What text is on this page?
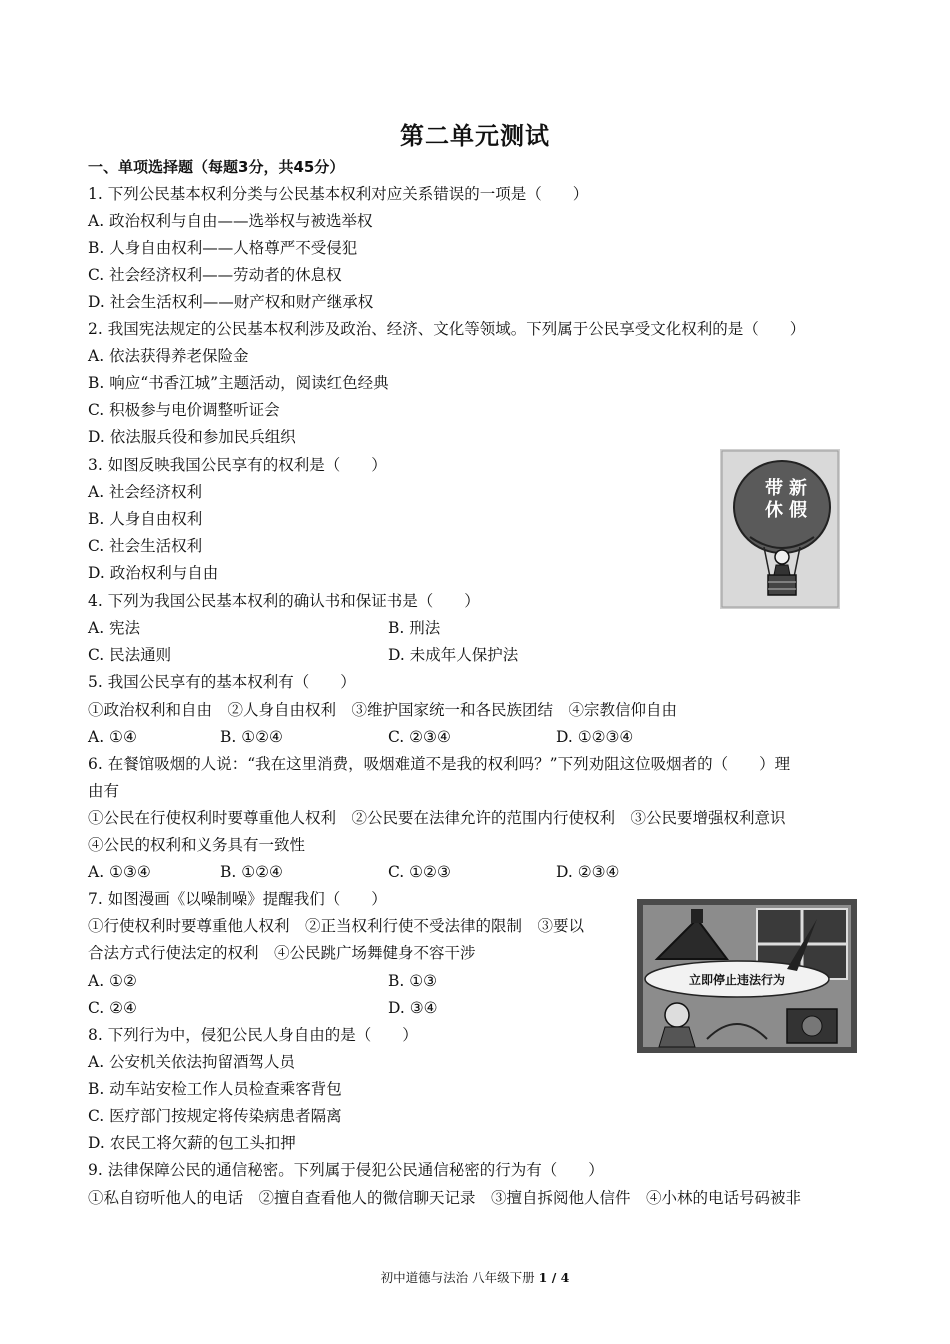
第二单元测试
一、单项选择题（每题3分，共45分）
1. 下列公民基本权利分类与公民基本权利对应关系错误的一项是（　　）
A. 政治权利与自由——选举权与被选举权
B. 人身自由权利——人格尊严不受侵犯
C. 社会经济权利——劳动者的休息权
D. 社会生活权利——财产权和财产继承权
2. 我国宪法规定的公民基本权利涉及政治、经济、文化等领域。下列属于公民享受文化权利的是（　　）
A. 依法获得养老保险金
B. 响应“书香江城”主题活动，阅读红色经典
C. 积极参与电价调整听证会
D. 依法服兵役和参加民兵组织
3. 如图反映我国公民享有的权利是（　　）
A. 社会经济权利
B. 人身自由权利
C. 社会生活权利
D. 政治权利与自由
带 新
休 假
4. 下列为我国公民基本权利的确认书和保证书是（　　）
A. 宪法	B. 刑法
C. 民法通则	D. 未成年人保护法
5. 我国公民享有的基本权利有（　　）
①政治权利和自由　②人身自由权利　③维护国家统一和各民族团结　④宗教信仰自由
A. ①④	B. ①②④	C. ②③④	D. ①②③④
6. 在餐馆吸烟的人说：“我在这里消费，吸烟难道不是我的权利吗？”下列劝阻这位吸烟者的（　　）理
由有
①公民在行使权利时要尊重他人权利　②公民要在法律允许的范围内行使权利　③公民要增强权利意识
④公民的权利和义务具有一致性
A. ①③④	B. ①②④	C. ①②③	D. ②③④
7. 如图漫画《以噪制噪》提醒我们（　　）
①行使权利时要尊重他人权利　②正当权利行使不受法律的限制　③要以
合法方式行使法定的权利　④公民跳广场舞健身不容干涉
A. ①②	B. ①③
C. ②④	D. ③④
立即停止违法行为
8. 下列行为中，侵犯公民人身自由的是（　　）
A. 公安机关依法拘留酒驾人员
B. 动车站安检工作人员检查乘客背包
C. 医疗部门按规定将传染病患者隔离
D. 农民工将欠薪的包工头扣押
9. 法律保障公民的通信秘密。下列属于侵犯公民通信秘密的行为有（　　）
①私自窃听他人的电话　②擅自查看他人的微信聊天记录　③擅自拆阅他人信件　④小林的电话号码被非
初中道德与法治 八年级下册 1 / 4
